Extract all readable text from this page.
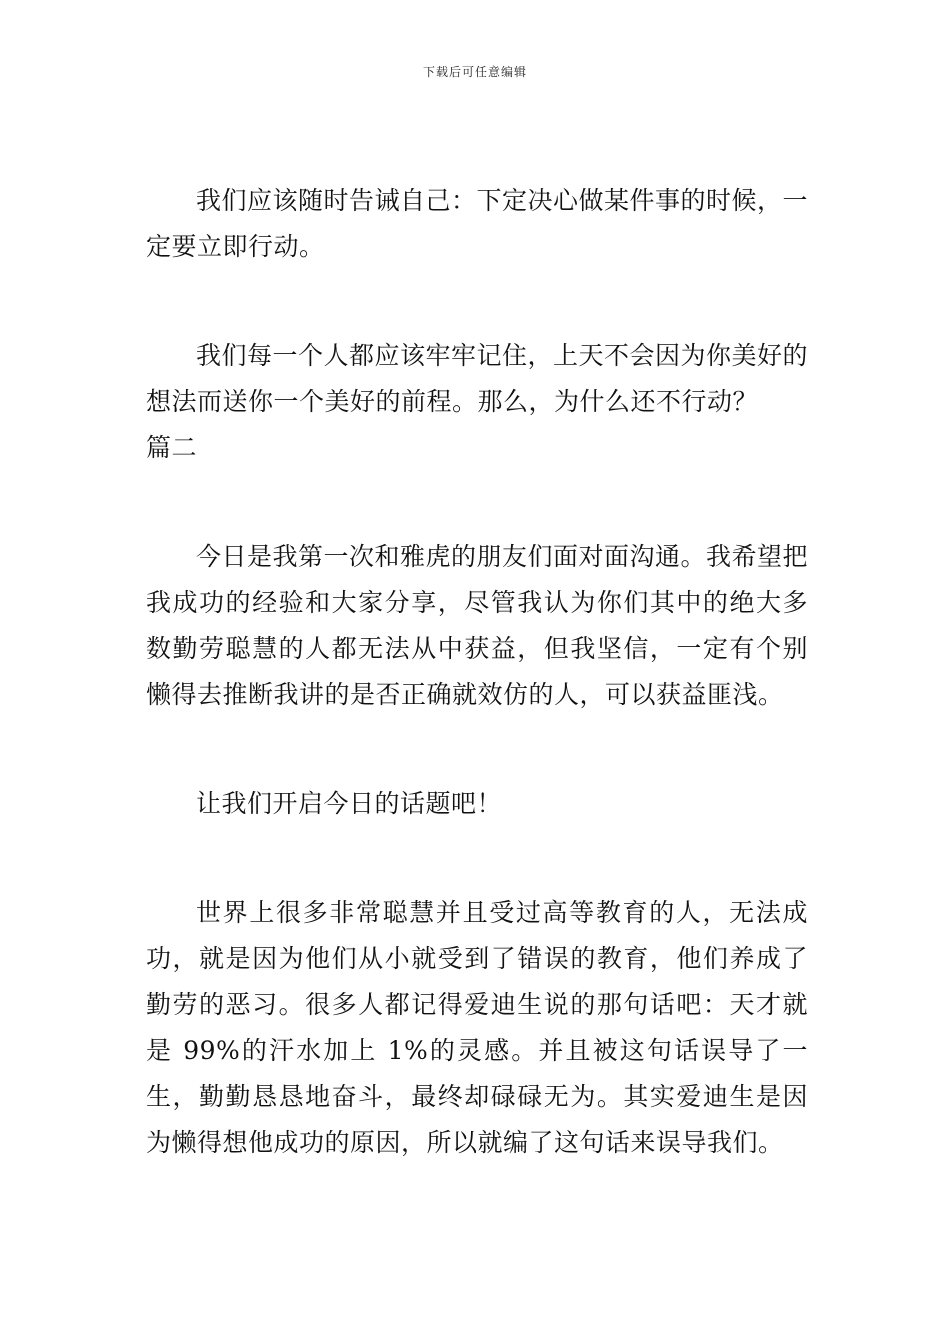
下载后可任意编辑

我们应该随时告诫自己：下定决心做某件事的时候，一定要立即行动。

我们每一个人都应该牢牢记住，上天不会因为你美好的想法而送你一个美好的前程。那么，为什么还不行动？

篇二

今日是我第一次和雅虎的朋友们面对面沟通。我希望把我成功的经验和大家分享，尽管我认为你们其中的绝大多数勤劳聪慧的人都无法从中获益，但我坚信，一定有个别懒得去推断我讲的是否正确就效仿的人，可以获益匪浅。

让我们开启今日的话题吧！

世界上很多非常聪慧并且受过高等教育的人，无法成功，就是因为他们从小就受到了错误的教育，他们养成了勤劳的恶习。很多人都记得爱迪生说的那句话吧：天才就是 99%的汗水加上 1%的灵感。并且被这句话误导了一生，勤勤恳恳地奋斗，最终却碌碌无为。其实爱迪生是因为懒得想他成功的原因，所以就编了这句话来误导我们。
